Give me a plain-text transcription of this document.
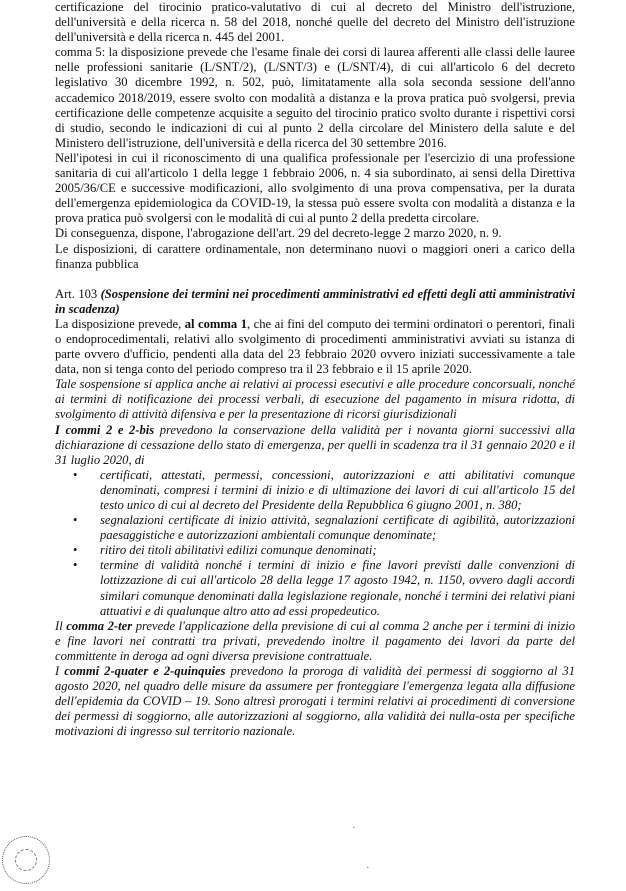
certificazione del tirocinio pratico-valutativo di cui al decreto del Ministro dell'istruzione, dell'università e della ricerca n. 58 del 2018, nonché quelle del decreto del Ministro dell'istruzione dell'università e della ricerca n. 445 del 2001.

comma 5: la disposizione prevede che l'esame finale dei corsi di laurea afferenti alle classi delle lauree nelle professioni sanitarie (L/SNT/2), (L/SNT/3) e (L/SNT/4), di cui all'articolo 6 del decreto legislativo 30 dicembre 1992, n. 502, può, limitatamente alla sola seconda sessione dell'anno accademico 2018/2019, essere svolto con modalità a distanza e la prova pratica può svolgersi, previa certificazione delle competenze acquisite a seguito del tirocinio pratico svolto durante i rispettivi corsi di studio, secondo le indicazioni di cui al punto 2 della circolare del Ministero della salute e del Ministero dell'istruzione, dell'università e della ricerca del 30 settembre 2016.

Nell'ipotesi in cui il riconoscimento di una qualifica professionale per l'esercizio di una professione sanitaria di cui all'articolo 1 della legge 1 febbraio 2006, n. 4 sia subordinato, ai sensi della Direttiva 2005/36/CE e successive modificazioni, allo svolgimento di una prova compensativa, per la durata dell'emergenza epidemiologica da COVID-19, la stessa può essere svolta con modalità a distanza e la prova pratica può svolgersi con le modalità di cui al punto 2 della predetta circolare.

Di conseguenza, dispone, l'abrogazione dell'art. 29 del decreto-legge 2 marzo 2020, n. 9.

Le disposizioni, di carattere ordinamentale, non determinano nuovi o maggiori oneri a carico della finanza pubblica

Art. 103 (Sospensione dei termini nei procedimenti amministrativi ed effetti degli atti amministrativi in scadenza)

La disposizione prevede, al comma 1, che ai fini del computo dei termini ordinatori o perentori, finali o endoprocedimentali, relativi allo svolgimento di procedimenti amministrativi avviati su istanza di parte ovvero d'ufficio, pendenti alla data del 23 febbraio 2020 ovvero iniziati successivamente a tale data, non si tenga conto del periodo compreso tra il 23 febbraio e il 15 aprile 2020.

Tale sospensione si applica anche ai relativi ai processi esecutivi e alle procedure concorsuali, nonché ai termini di notificazione dei processi verbali, di esecuzione del pagamento in misura ridotta, di svolgimento di attività difensiva e per la presentazione di ricorsi giurisdizionali

I commi 2 e 2-bis prevedono la conservazione della validità per i novanta giorni successivi alla dichiarazione di cessazione dello stato di emergenza, per quelli in scadenza tra il 31 gennaio 2020 e il 31 luglio 2020, di

• certificati, attestati, permessi, concessioni, autorizzazioni e atti abilitativi comunque denominati, compresi i termini di inizio e di ultimazione dei lavori di cui all'articolo 15 del testo unico di cui al decreto del Presidente della Repubblica 6 giugno 2001, n. 380;
• segnalazioni certificate di inizio attività, segnalazioni certificate di agibilità, autorizzazioni paesaggistiche e autorizzazioni ambientali comunque denominate;
• ritiro dei titoli abilitativi edilizi comunque denominati;
• termine di validità nonché i termini di inizio e fine lavori previsti dalle convenzioni di lottizzazione di cui all'articolo 28 della legge 17 agosto 1942, n. 1150, ovvero dagli accordi similari comunque denominati dalla legislazione regionale, nonché i termini dei relativi piani attuativi e di qualunque altro atto ad essi propedeutico.

Il comma 2-ter prevede l'applicazione della previsione di cui al comma 2 anche per i termini di inizio e fine lavori nei contratti tra privati, prevedendo inoltre il pagamento dei lavori da parte del committente in deroga ad ogni diversa previsione contrattuale.

I commi 2-quater e 2-quinquies prevedono la proroga di validità dei permessi di soggiorno al 31 agosto 2020, nel quadro delle misure da assumere per fronteggiare l'emergenza legata alla diffusione dell'epidemia da COVID – 19. Sono altresì prorogati i termini relativi ai procedimenti di conversione dei permessi di soggiorno, alle autorizzazioni al soggiorno, alla validità dei nulla-osta per specifiche motivazioni di ingresso sul territorio nazionale.

·
·
